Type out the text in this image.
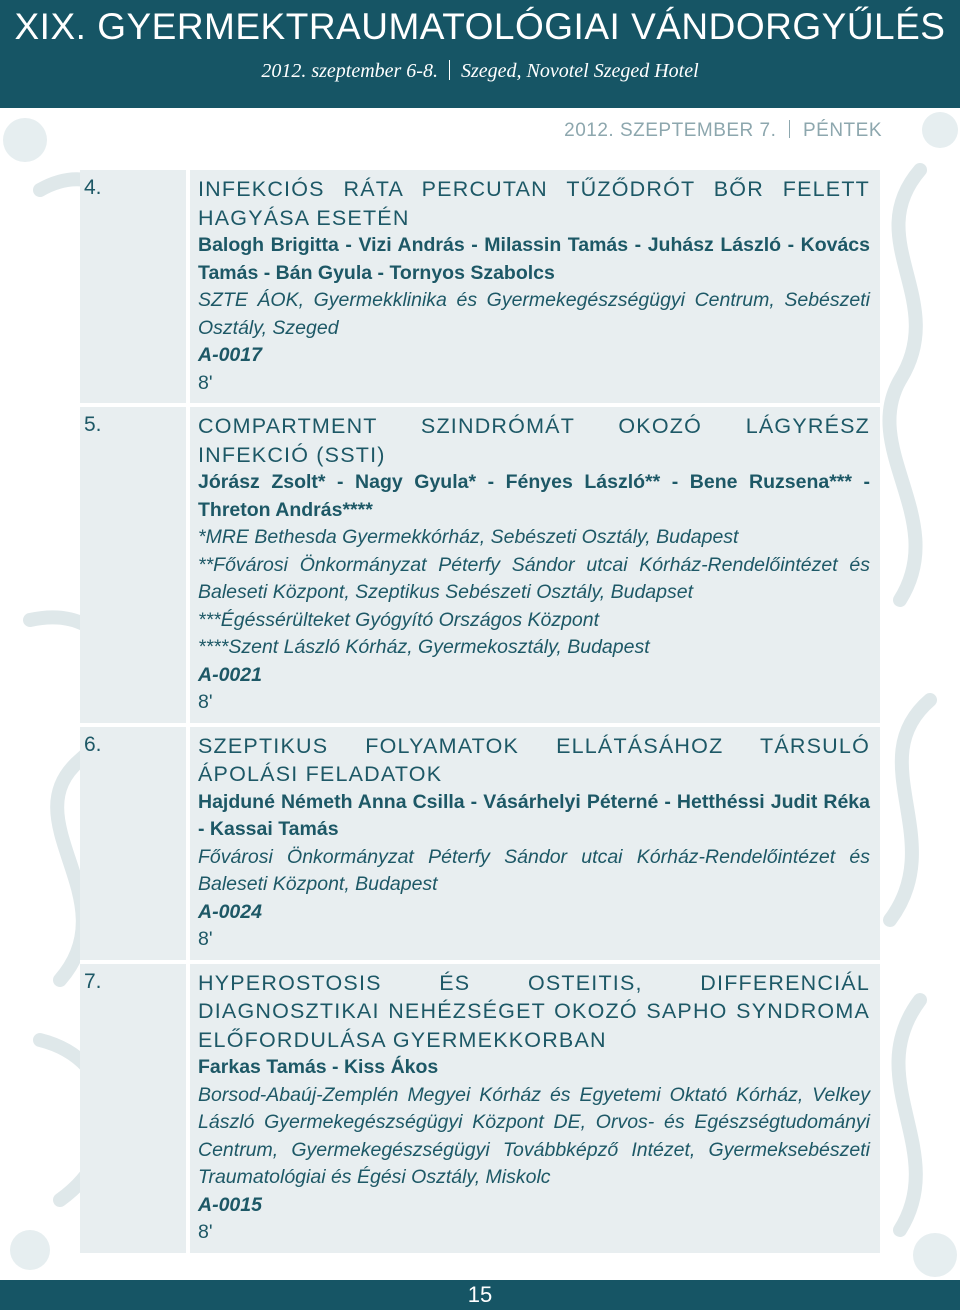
XIX. GYERMEKTRAUMATOLÓGIAI VÁNDORGYŰLÉS
2012. szeptember 6-8. Szeged, Novotel Szeged Hotel
2012. SZEPTEMBER 7. PÉNTEK
4.	INFEKCIÓS RÁTA PERCUTAN TŰZŐDRÓT BŐR FELETT HAGYÁSA ESETÉN
Balogh Brigitta - Vizi András - Milassin Tamás - Juhász László - Kovács Tamás - Bán Gyula - Tornyos Szabolcs
SZTE ÁOK, Gyermekklinika és Gyermekegészségügyi Centrum, Sebészeti Osztály, Szeged
A-0017
8'
5.	COMPARTMENT SZINDRÓMÁT OKOZÓ LÁGYRÉSZ INFEKCIÓ (SSTI)
Jórász Zsolt* - Nagy Gyula* - Fényes László** - Bene Ruzsena*** - Threton András****
*MRE Bethesda Gyermekkórház, Sebészeti Osztály, Budapest
**Fővárosi Önkormányzat Péterfy Sándor utcai Kórház-Rendelőintézet és Baleseti Központ, Szeptikus Sebészeti Osztály, Budapset
***Égéssérülteket Gyógyító Országos Központ
****Szent László Kórház, Gyermekosztály, Budapest
A-0021
8'
6.	SZEPTIKUS FOLYAMATOK ELLÁTÁSÁHOZ TÁRSULÓ ÁPOLÁSI FELADATOK
Hajduné Németh Anna Csilla - Vásárhelyi Péterné - Hetthéssi Judit Réka - Kassai Tamás
Fővárosi Önkormányzat Péterfy Sándor utcai Kórház-Rendelőintézet és Baleseti Központ, Budapest
A-0024
8'
7.	HYPEROSTOSIS ÉS OSTEITIS, DIFFERENCIÁL DIAGNOSZTIKAI NEHÉZSÉGET OKOZÓ SAPHO SYNDROMA ELŐFORDULÁSA GYERMEKKORBAN
Farkas Tamás - Kiss Ákos
Borsod-Abaúj-Zemplén Megyei Kórház és Egyetemi Oktató Kórház, Velkey László Gyermekegészségügyi Központ DE, Orvos- és Egészségtudományi Centrum, Gyermekegészségügyi Továbbképző Intézet, Gyermeksebészeti Traumatológiai és Égési Osztály, Miskolc
A-0015
8'
15
